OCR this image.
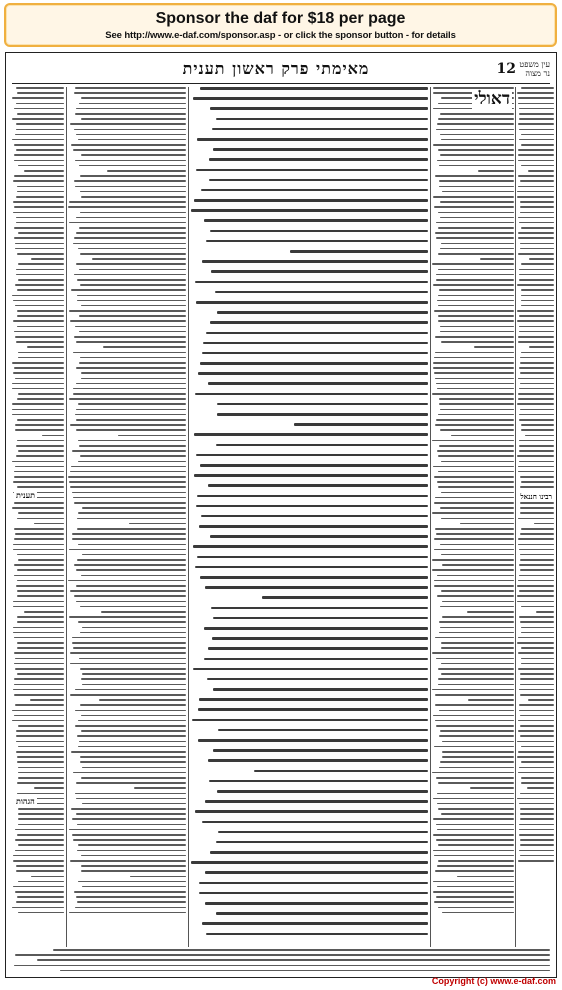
Sponsor the daf for $18 per page
See http://www.e-daf.com/sponsor.asp - or click the sponsor button - for details
12 עין משפט נר מצוה
מאימתי פרק ראשון תענית
דאולי
רבינו חננאל
תענית
הגהות
Copyright (c) www.e-daf.com
